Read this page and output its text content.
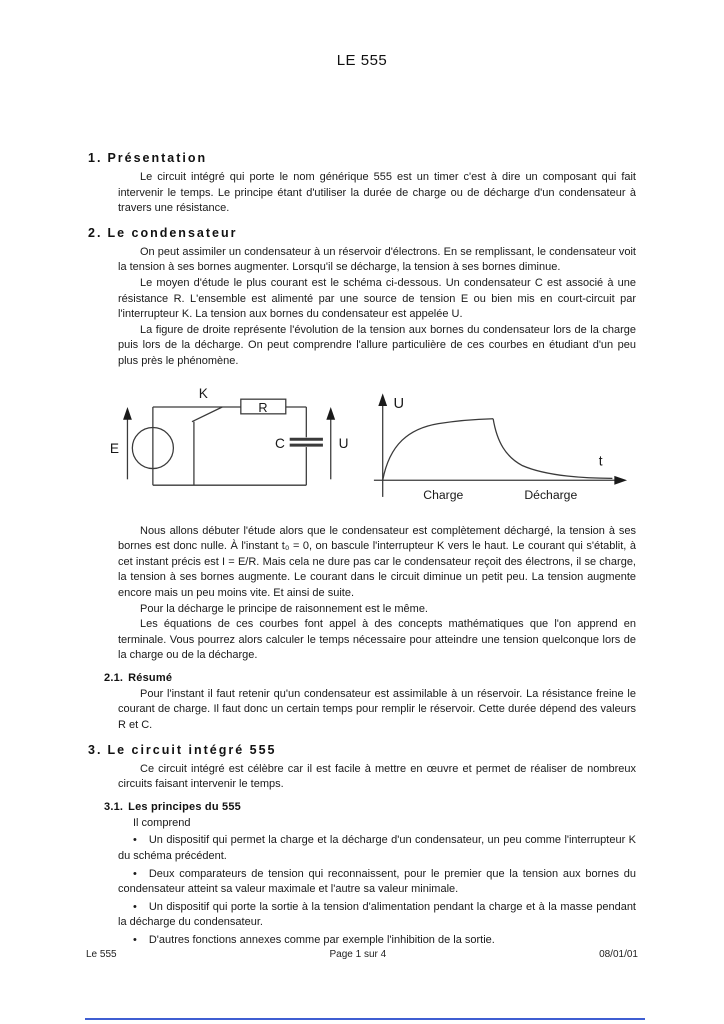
LE 555
1. Présentation

Le circuit intégré qui porte le nom générique 555 est un timer c'est à dire un composant qui fait intervenir le temps. Le principe étant d'utiliser la durée de charge ou de décharge d'un condensateur à travers une résistance.

2. Le condensateur

On peut assimiler un condensateur à un réservoir d'électrons. En se remplissant, le condensateur voit la tension à ses bornes augmenter. Lorsqu'il se décharge, la tension à ses bornes diminue.

Le moyen d'étude le plus courant est le schéma ci-dessous. Un condensateur C est associé à une résistance R. L'ensemble est alimenté par une source de tension E ou bien mis en court-circuit par l'interrupteur K. La tension aux bornes du condensateur est appelée U.

La figure de droite représente l'évolution de la tension aux bornes du condensateur lors de la charge puis lors de la décharge. On peut comprendre l'allure particulière de ces courbes en étudiant d'un peu plus près le phénomène.

E
K
R
C	U
U
t
Charge	Décharge

Nous allons débuter l'étude alors que le condensateur est complètement déchargé, la tension à ses bornes est donc nulle. À l'instant t₀ = 0, on bascule l'interrupteur K vers le haut. Le courant qui s'établit, à cet instant précis est I = E/R. Mais cela ne dure pas car le condensateur reçoit des électrons, il se charge, la tension à ses bornes augmente. Le courant dans le circuit diminue un petit peu. La tension augmente encore mais un peu moins vite. Et ainsi de suite.

Pour la décharge le principe de raisonnement est le même.

Les équations de ces courbes font appel à des concepts mathématiques que l'on apprend en terminale. Vous pourrez alors calculer le temps nécessaire pour atteindre une tension quelconque lors de la charge ou de la décharge.

2.1. Résumé

Pour l'instant il faut retenir qu'un condensateur est assimilable à un réservoir. La résistance freine le courant de charge. Il faut donc un certain temps pour remplir le réservoir. Cette durée dépend des valeurs R et C.

3. Le circuit intégré 555

Ce circuit intégré est célèbre car il est facile à mettre en œuvre et permet de réaliser de nombreux circuits faisant intervenir le temps.

3.1. Les principes du 555

Il comprend

• Un dispositif qui permet la charge et la décharge d'un condensateur, un peu comme l'interrupteur K du schéma précédent.

• Deux comparateurs de tension qui reconnaissent, pour le premier que la tension aux bornes du condensateur atteint sa valeur maximale et l'autre sa valeur minimale.

• Un dispositif qui porte la sortie à la tension d'alimentation pendant la charge et à la masse pendant la décharge du condensateur.

• D'autres fonctions annexes comme par exemple l'inhibition de la sortie.

Le 555	Page 1 sur 4	08/01/01
